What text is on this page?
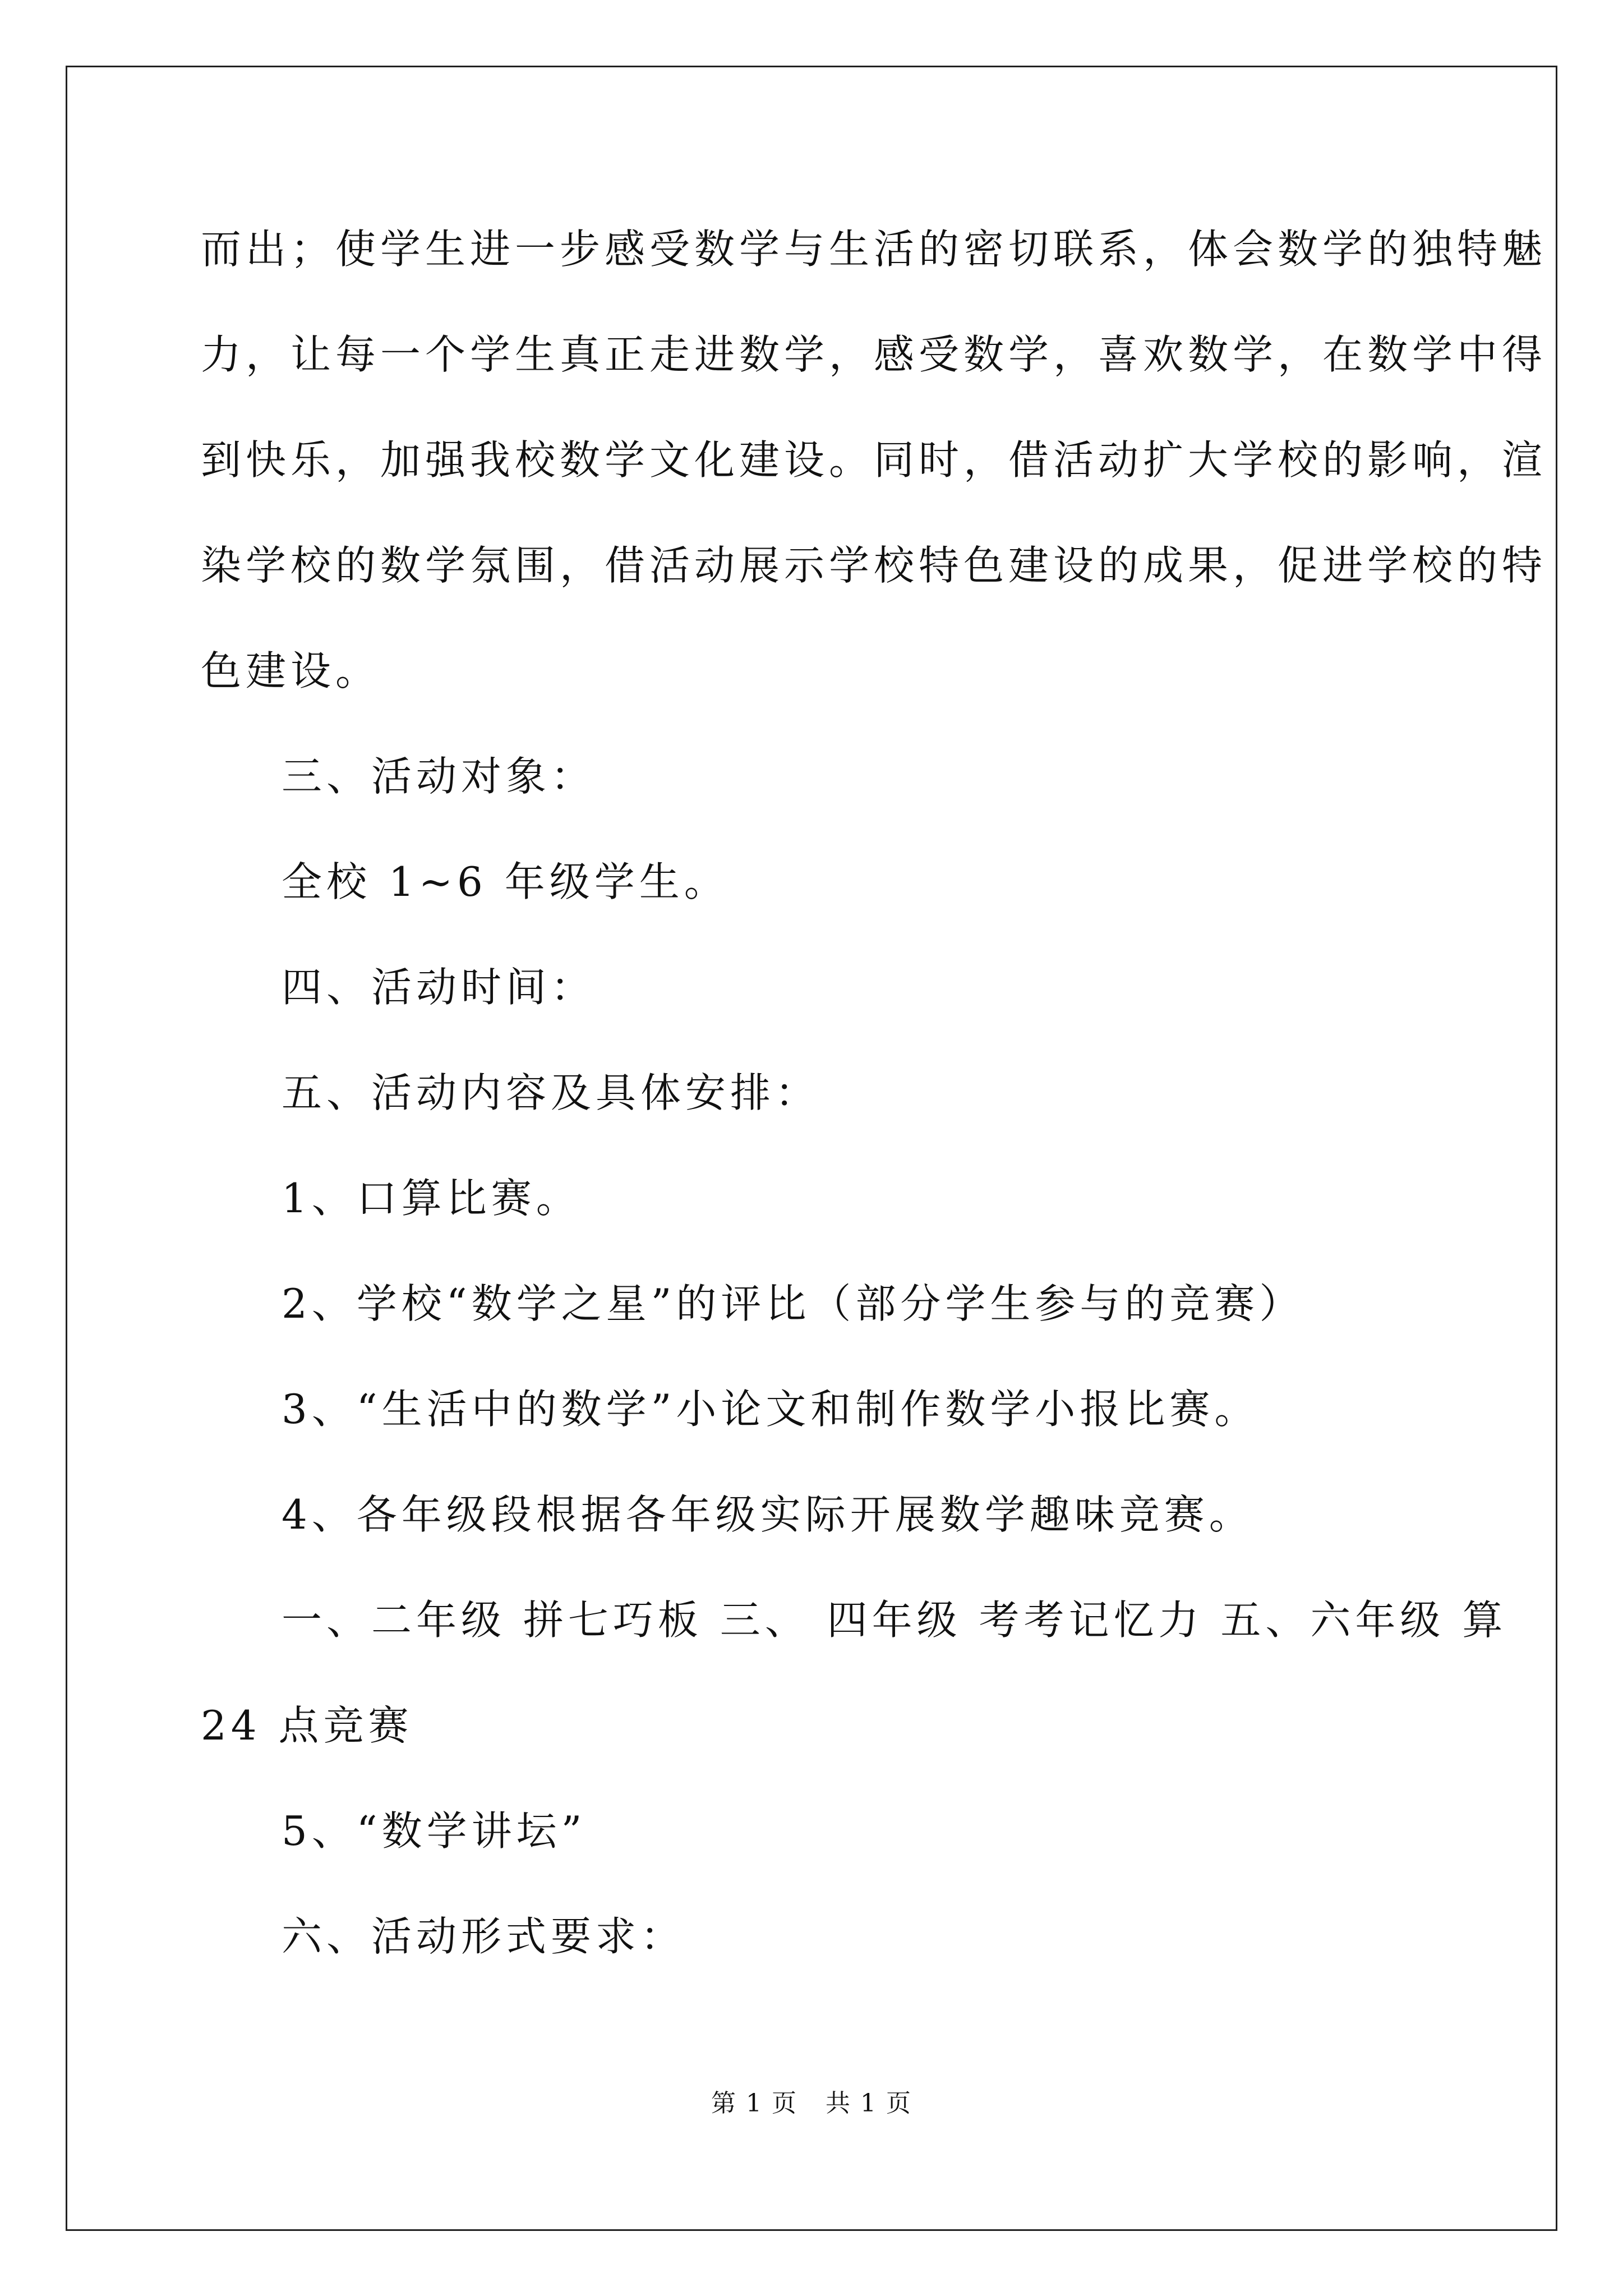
而出；使学生进一步感受数学与生活的密切联系，体会数学的独特魅
力，让每一个学生真正走进数学，感受数学，喜欢数学，在数学中得
到快乐，加强我校数学文化建设。同时，借活动扩大学校的影响，渲
染学校的数学氛围，借活动展示学校特色建设的成果，促进学校的特
色建设。
三、活动对象：
全校 1~6 年级学生。
四、活动时间：
五、活动内容及具体安排：
1、口算比赛。
2、学校“数学之星”的评比（部分学生参与的竞赛）
3、“生活中的数学”小论文和制作数学小报比赛。
4、各年级段根据各年级实际开展数学趣味竞赛。
一、二年级 拼七巧板 三、 四年级 考考记忆力 五、六年级 算
24 点竞赛
5、“数学讲坛”
六、活动形式要求：
第 1 页 共 1 页
